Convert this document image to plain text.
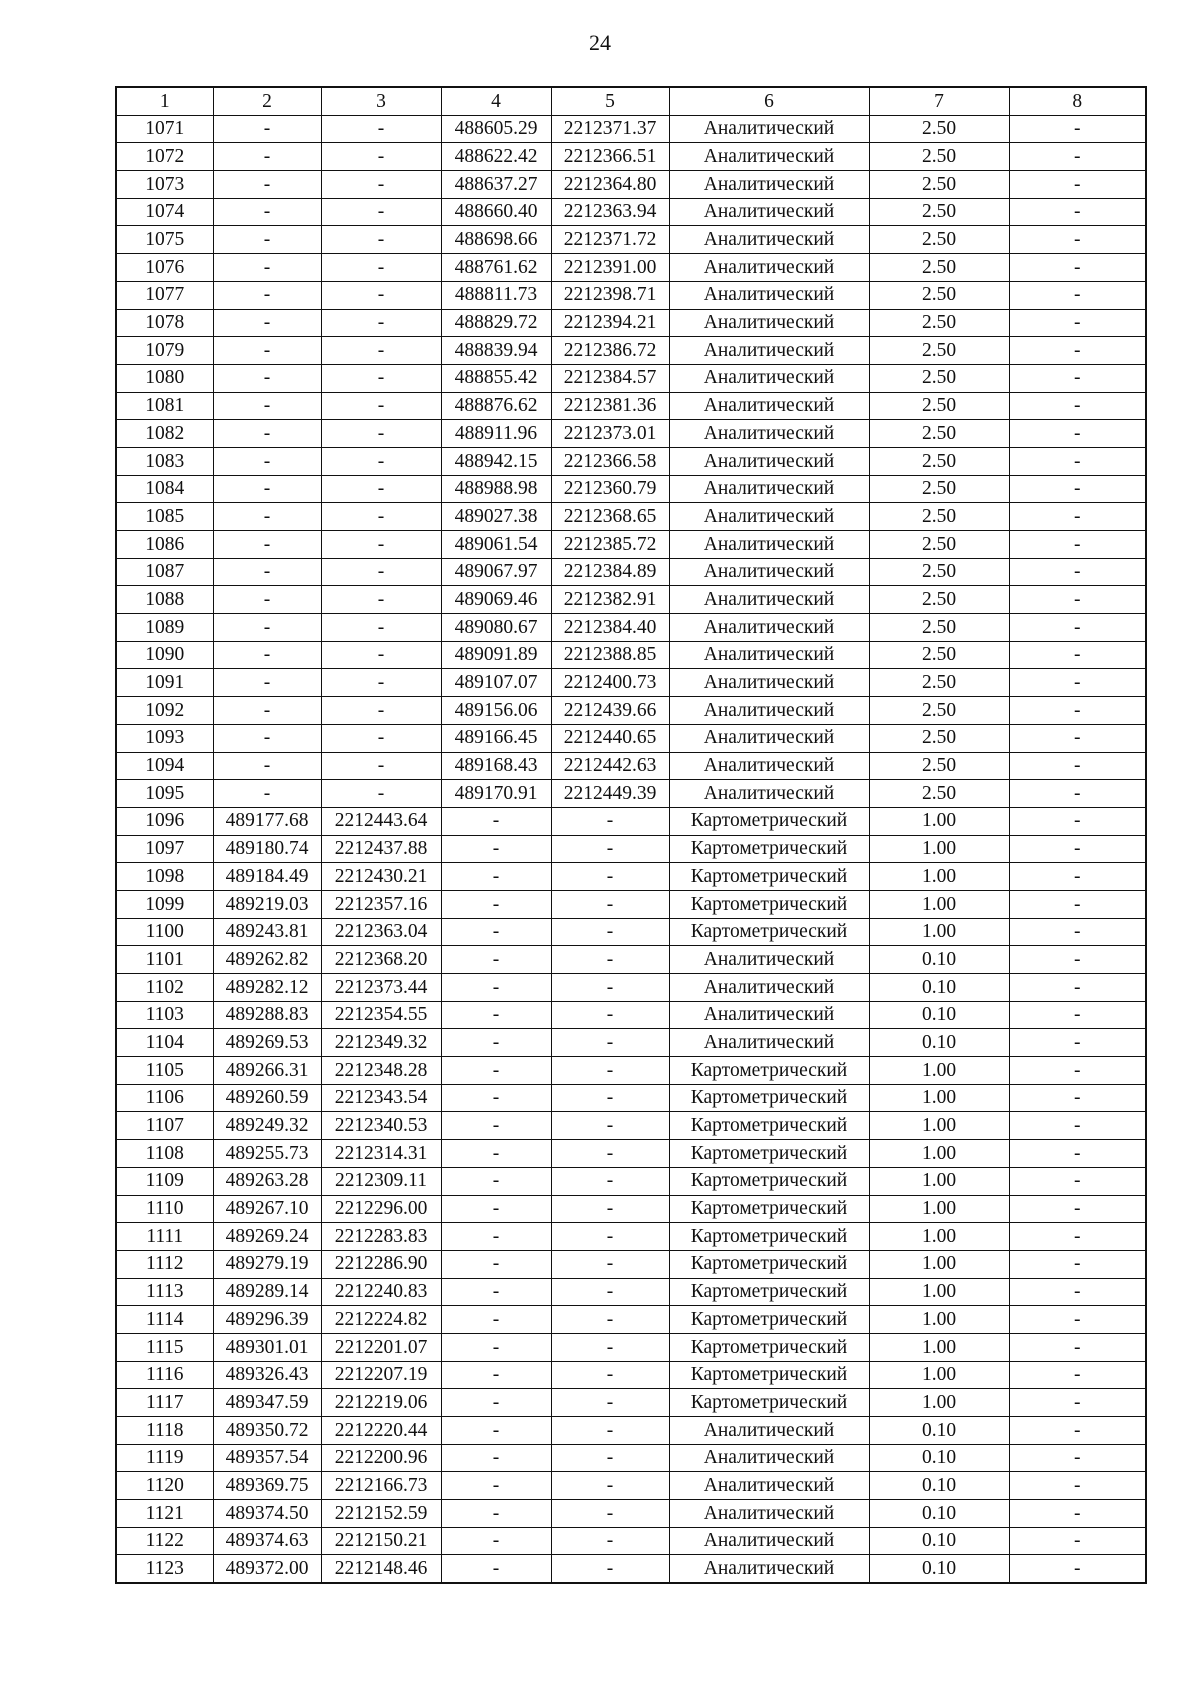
24
1	2	3	4	5	6	7	8
1071	-	-	488605.29	2212371.37	Аналитический	2.50	-
1072	-	-	488622.42	2212366.51	Аналитический	2.50	-
1073	-	-	488637.27	2212364.80	Аналитический	2.50	-
1074	-	-	488660.40	2212363.94	Аналитический	2.50	-
1075	-	-	488698.66	2212371.72	Аналитический	2.50	-
1076	-	-	488761.62	2212391.00	Аналитический	2.50	-
1077	-	-	488811.73	2212398.71	Аналитический	2.50	-
1078	-	-	488829.72	2212394.21	Аналитический	2.50	-
1079	-	-	488839.94	2212386.72	Аналитический	2.50	-
1080	-	-	488855.42	2212384.57	Аналитический	2.50	-
1081	-	-	488876.62	2212381.36	Аналитический	2.50	-
1082	-	-	488911.96	2212373.01	Аналитический	2.50	-
1083	-	-	488942.15	2212366.58	Аналитический	2.50	-
1084	-	-	488988.98	2212360.79	Аналитический	2.50	-
1085	-	-	489027.38	2212368.65	Аналитический	2.50	-
1086	-	-	489061.54	2212385.72	Аналитический	2.50	-
1087	-	-	489067.97	2212384.89	Аналитический	2.50	-
1088	-	-	489069.46	2212382.91	Аналитический	2.50	-
1089	-	-	489080.67	2212384.40	Аналитический	2.50	-
1090	-	-	489091.89	2212388.85	Аналитический	2.50	-
1091	-	-	489107.07	2212400.73	Аналитический	2.50	-
1092	-	-	489156.06	2212439.66	Аналитический	2.50	-
1093	-	-	489166.45	2212440.65	Аналитический	2.50	-
1094	-	-	489168.43	2212442.63	Аналитический	2.50	-
1095	-	-	489170.91	2212449.39	Аналитический	2.50	-
1096	489177.68	2212443.64	-	-	Картометрический	1.00	-
1097	489180.74	2212437.88	-	-	Картометрический	1.00	-
1098	489184.49	2212430.21	-	-	Картометрический	1.00	-
1099	489219.03	2212357.16	-	-	Картометрический	1.00	-
1100	489243.81	2212363.04	-	-	Картометрический	1.00	-
1101	489262.82	2212368.20	-	-	Аналитический	0.10	-
1102	489282.12	2212373.44	-	-	Аналитический	0.10	-
1103	489288.83	2212354.55	-	-	Аналитический	0.10	-
1104	489269.53	2212349.32	-	-	Аналитический	0.10	-
1105	489266.31	2212348.28	-	-	Картометрический	1.00	-
1106	489260.59	2212343.54	-	-	Картометрический	1.00	-
1107	489249.32	2212340.53	-	-	Картометрический	1.00	-
1108	489255.73	2212314.31	-	-	Картометрический	1.00	-
1109	489263.28	2212309.11	-	-	Картометрический	1.00	-
1110	489267.10	2212296.00	-	-	Картометрический	1.00	-
1111	489269.24	2212283.83	-	-	Картометрический	1.00	-
1112	489279.19	2212286.90	-	-	Картометрический	1.00	-
1113	489289.14	2212240.83	-	-	Картометрический	1.00	-
1114	489296.39	2212224.82	-	-	Картометрический	1.00	-
1115	489301.01	2212201.07	-	-	Картометрический	1.00	-
1116	489326.43	2212207.19	-	-	Картометрический	1.00	-
1117	489347.59	2212219.06	-	-	Картометрический	1.00	-
1118	489350.72	2212220.44	-	-	Аналитический	0.10	-
1119	489357.54	2212200.96	-	-	Аналитический	0.10	-
1120	489369.75	2212166.73	-	-	Аналитический	0.10	-
1121	489374.50	2212152.59	-	-	Аналитический	0.10	-
1122	489374.63	2212150.21	-	-	Аналитический	0.10	-
1123	489372.00	2212148.46	-	-	Аналитический	0.10	-
